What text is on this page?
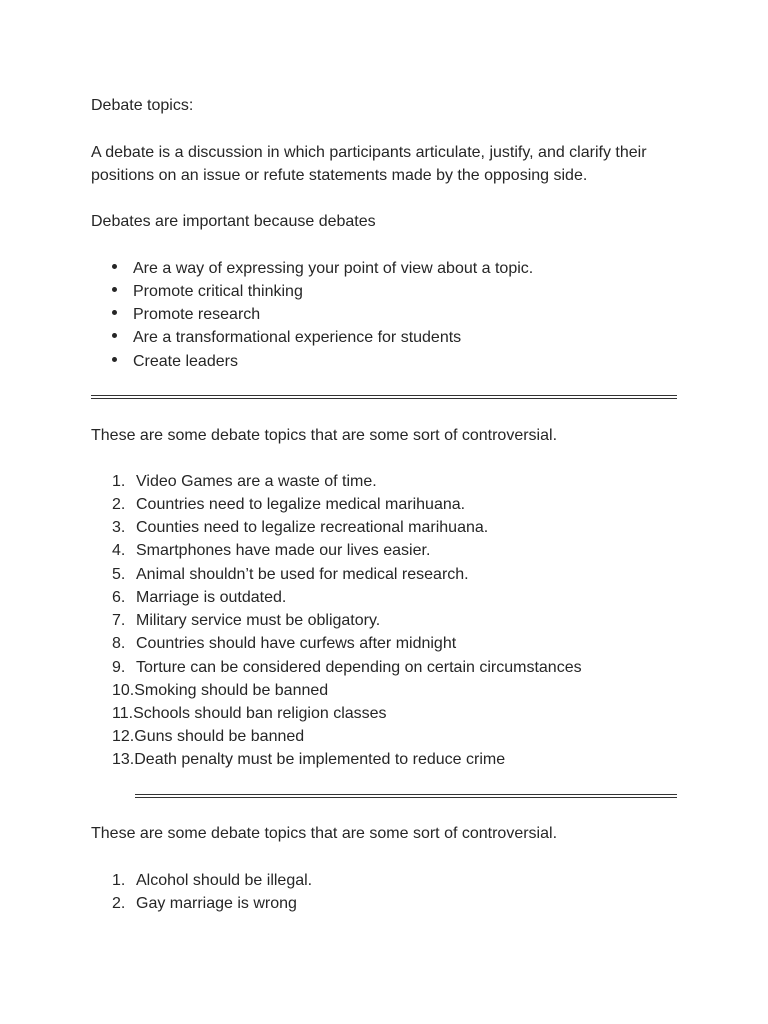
Debate topics:
A debate is a discussion in which participants articulate, justify, and clarify their
positions on an issue or refute statements made by the opposing side.
Debates are important because debates
Are a way of expressing your point of view about a topic.
Promote critical thinking
Promote research
Are a transformational experience for students
Create leaders
These are some debate topics that are some sort of controversial.
1. Video Games are a waste of time.
2. Countries need to legalize medical marihuana.
3. Counties need to legalize recreational marihuana.
4. Smartphones have made our lives easier.
5. Animal shouldn’t be used for medical research.
6. Marriage is outdated.
7. Military service must be obligatory.
8. Countries should have curfews after midnight
9. Torture can be considered depending on certain circumstances
10.Smoking should be banned
11.Schools should ban religion classes
12.Guns should be banned
13.Death penalty must be implemented to reduce crime
These are some debate topics that are some sort of controversial.
1. Alcohol should be illegal.
2. Gay marriage is wrong
